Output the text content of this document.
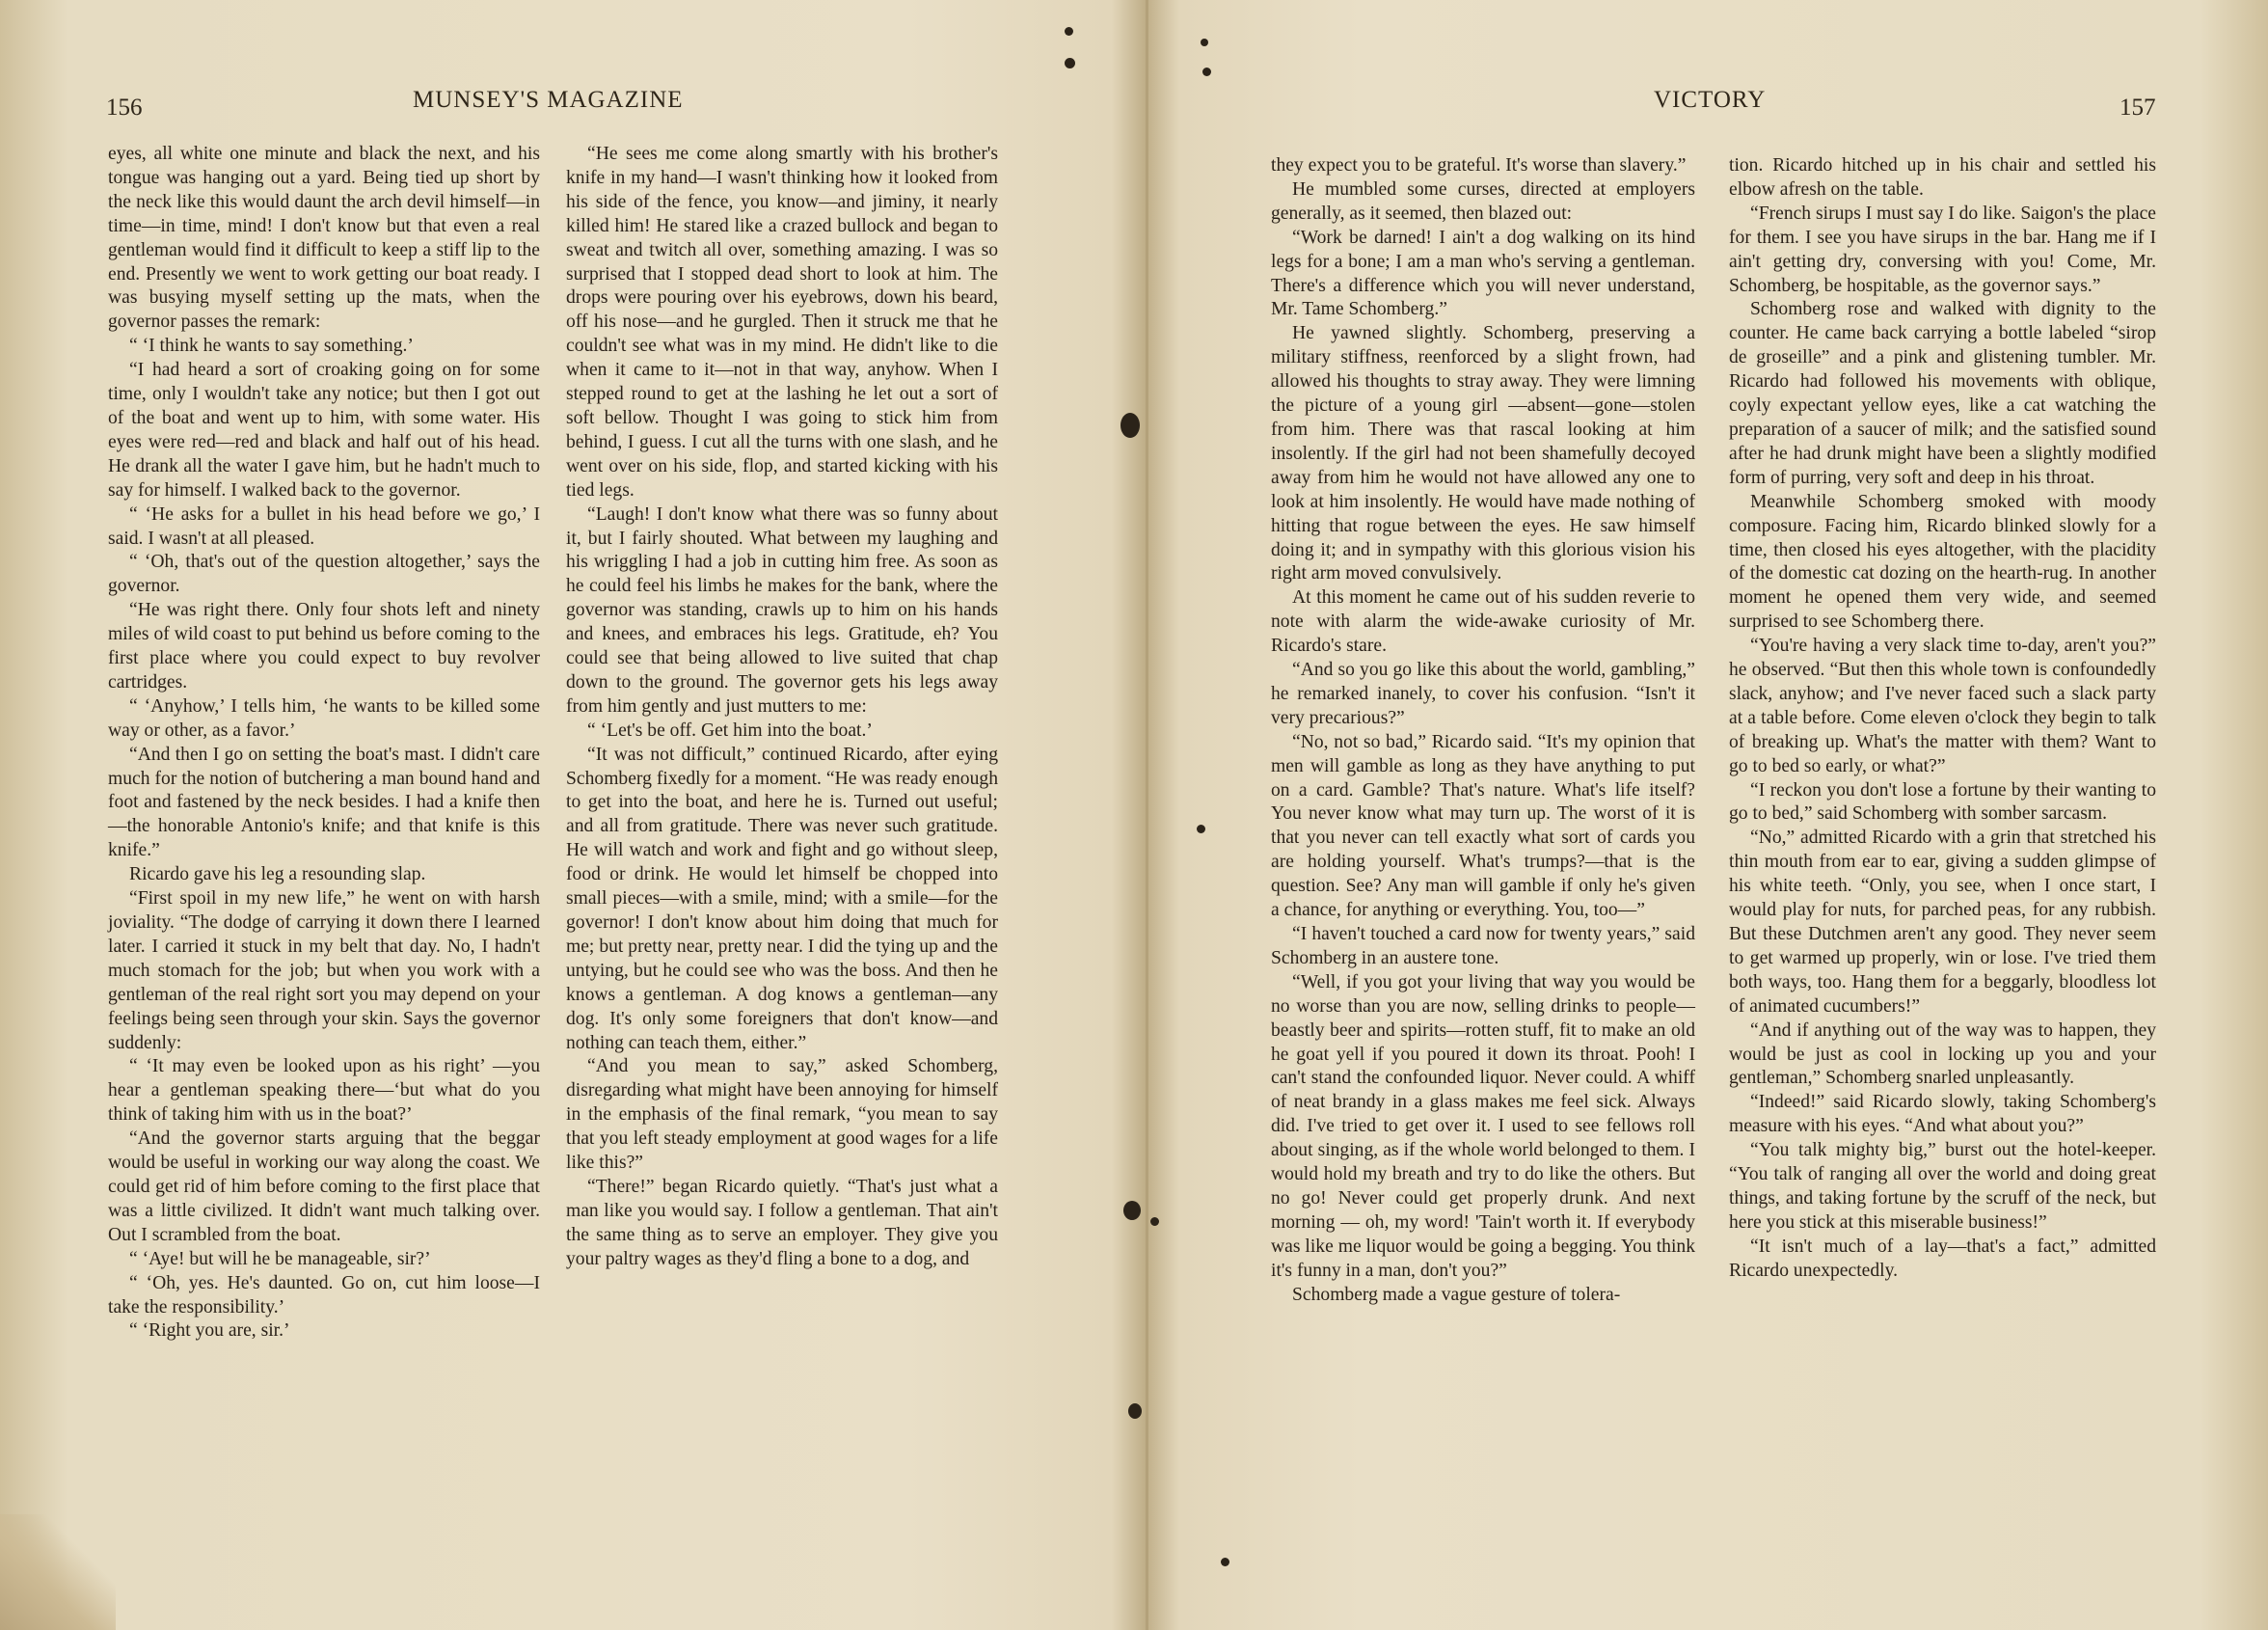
156	MUNSEY'S MAGAZINE

eyes, all white one minute and black the next, and his tongue was hanging out a yard. Being tied up short by the neck like this would daunt the arch devil himself—in time—in time, mind! I don't know but that even a real gentleman would find it difficult to keep a stiff lip to the end. Presently we went to work getting our boat ready. I was busying myself setting up the mats, when the governor passes the remark:

“ ‘I think he wants to say something.’

“I had heard a sort of croaking going on for some time, only I wouldn't take any notice; but then I got out of the boat and went up to him, with some water. His eyes were red—red and black and half out of his head. He drank all the water I gave him, but he hadn't much to say for himself. I walked back to the governor.

“ ‘He asks for a bullet in his head before we go,’ I said. I wasn't at all pleased.

“ ‘Oh, that's out of the question altogether,’ says the governor.

“He was right there. Only four shots left and ninety miles of wild coast to put behind us before coming to the first place where you could expect to buy revolver cartridges.

“ ‘Anyhow,’ I tells him, ‘he wants to be killed some way or other, as a favor.’

“And then I go on setting the boat's mast. I didn't care much for the notion of butchering a man bound hand and foot and fastened by the neck besides. I had a knife then—the honorable Antonio's knife; and that knife is this knife.”

Ricardo gave his leg a resounding slap.

“First spoil in my new life,” he went on with harsh joviality. “The dodge of carrying it down there I learned later. I carried it stuck in my belt that day. No, I hadn't much stomach for the job; but when you work with a gentleman of the real right sort you may depend on your feelings being seen through your skin. Says the governor suddenly:

“ ‘It may even be looked upon as his right’ —you hear a gentleman speaking there—‘but what do you think of taking him with us in the boat?’

“And the governor starts arguing that the beggar would be useful in working our way along the coast. We could get rid of him before coming to the first place that was a little civilized. It didn't want much talking over. Out I scrambled from the boat.

“ ‘Aye! but will he be manageable, sir?’

“ ‘Oh, yes. He's daunted. Go on, cut him loose—I take the responsibility.’

“ ‘Right you are, sir.’

“He sees me come along smartly with his brother's knife in my hand—I wasn't thinking how it looked from his side of the fence, you know—and jiminy, it nearly killed him! He stared like a crazed bullock and began to sweat and twitch all over, something amazing. I was so surprised that I stopped dead short to look at him. The drops were pouring over his eyebrows, down his beard, off his nose—and he gurgled. Then it struck me that he couldn't see what was in my mind. He didn't like to die when it came to it—not in that way, anyhow. When I stepped round to get at the lashing he let out a sort of soft bellow. Thought I was going to stick him from behind, I guess. I cut all the turns with one slash, and he went over on his side, flop, and started kicking with his tied legs.

“Laugh! I don't know what there was so funny about it, but I fairly shouted. What between my laughing and his wriggling I had a job in cutting him free. As soon as he could feel his limbs he makes for the bank, where the governor was standing, crawls up to him on his hands and knees, and embraces his legs. Gratitude, eh? You could see that being allowed to live suited that chap down to the ground. The governor gets his legs away from him gently and just mutters to me:

“ ‘Let's be off. Get him into the boat.’

“It was not difficult,” continued Ricardo, after eying Schomberg fixedly for a moment. “He was ready enough to get into the boat, and here he is. Turned out useful; and all from gratitude. There was never such gratitude. He will watch and work and fight and go without sleep, food or drink. He would let himself be chopped into small pieces—with a smile, mind; with a smile—for the governor! I don't know about him doing that much for me; but pretty near, pretty near. I did the tying up and the untying, but he could see who was the boss. And then he knows a gentleman. A dog knows a gentleman—any dog. It's only some foreigners that don't know—and nothing can teach them, either.”

“And you mean to say,” asked Schomberg, disregarding what might have been annoying for himself in the emphasis of the final remark, “you mean to say that you left steady employment at good wages for a life like this?”

“There!” began Ricardo quietly. “That's just what a man like you would say. I follow a gentleman. That ain't the same thing as to serve an employer. They give you your paltry wages as they'd fling a bone to a dog, and

VICTORY	157

they expect you to be grateful. It's worse than slavery.”

He mumbled some curses, directed at employers generally, as it seemed, then blazed out:

“Work be darned! I ain't a dog walking on its hind legs for a bone; I am a man who's serving a gentleman. There's a difference which you will never understand, Mr. Tame Schomberg.”

He yawned slightly. Schomberg, preserving a military stiffness, reenforced by a slight frown, had allowed his thoughts to stray away. They were limning the picture of a young girl —absent—gone—stolen from him. There was that rascal looking at him insolently. If the girl had not been shamefully decoyed away from him he would not have allowed any one to look at him insolently. He would have made nothing of hitting that rogue between the eyes. He saw himself doing it; and in sympathy with this glorious vision his right arm moved convulsively.

At this moment he came out of his sudden reverie to note with alarm the wide-awake curiosity of Mr. Ricardo's stare.

“And so you go like this about the world, gambling,” he remarked inanely, to cover his confusion. “Isn't it very precarious?”

“No, not so bad,” Ricardo said. “It's my opinion that men will gamble as long as they have anything to put on a card. Gamble? That's nature. What's life itself? You never know what may turn up. The worst of it is that you never can tell exactly what sort of cards you are holding yourself. What's trumps?—that is the question. See? Any man will gamble if only he's given a chance, for anything or everything. You, too—”

“I haven't touched a card now for twenty years,” said Schomberg in an austere tone.

“Well, if you got your living that way you would be no worse than you are now, selling drinks to people—beastly beer and spirits—rotten stuff, fit to make an old he goat yell if you poured it down its throat. Pooh! I can't stand the confounded liquor. Never could. A whiff of neat brandy in a glass makes me feel sick. Always did. I've tried to get over it. I used to see fellows roll about singing, as if the whole world belonged to them. I would hold my breath and try to do like the others. But no go! Never could get properly drunk. And next morning — oh, my word! 'Tain't worth it. If everybody was like me liquor would be going a begging. You think it's funny in a man, don't you?”

Schomberg made a vague gesture of tolera-

tion. Ricardo hitched up in his chair and settled his elbow afresh on the table.

“French sirups I must say I do like. Saigon's the place for them. I see you have sirups in the bar. Hang me if I ain't getting dry, conversing with you! Come, Mr. Schomberg, be hospitable, as the governor says.”

Schomberg rose and walked with dignity to the counter. He came back carrying a bottle labeled “sirop de groseille” and a pink and glistening tumbler. Mr. Ricardo had followed his movements with oblique, coyly expectant yellow eyes, like a cat watching the preparation of a saucer of milk; and the satisfied sound after he had drunk might have been a slightly modified form of purring, very soft and deep in his throat.

Meanwhile Schomberg smoked with moody composure. Facing him, Ricardo blinked slowly for a time, then closed his eyes altogether, with the placidity of the domestic cat dozing on the hearth-rug. In another moment he opened them very wide, and seemed surprised to see Schomberg there.

“You're having a very slack time to-day, aren't you?” he observed. “But then this whole town is confoundedly slack, anyhow; and I've never faced such a slack party at a table before. Come eleven o'clock they begin to talk of breaking up. What's the matter with them? Want to go to bed so early, or what?”

“I reckon you don't lose a fortune by their wanting to go to bed,” said Schomberg with somber sarcasm.

“No,” admitted Ricardo with a grin that stretched his thin mouth from ear to ear, giving a sudden glimpse of his white teeth. “Only, you see, when I once start, I would play for nuts, for parched peas, for any rubbish. But these Dutchmen aren't any good. They never seem to get warmed up properly, win or lose. I've tried them both ways, too. Hang them for a beggarly, bloodless lot of animated cucumbers!”

“And if anything out of the way was to happen, they would be just as cool in locking up you and your gentleman,” Schomberg snarled unpleasantly.

“Indeed!” said Ricardo slowly, taking Schomberg's measure with his eyes. “And what about you?”

“You talk mighty big,” burst out the hotel-keeper. “You talk of ranging all over the world and doing great things, and taking fortune by the scruff of the neck, but here you stick at this miserable business!”

“It isn't much of a lay—that's a fact,” admitted Ricardo unexpectedly.
